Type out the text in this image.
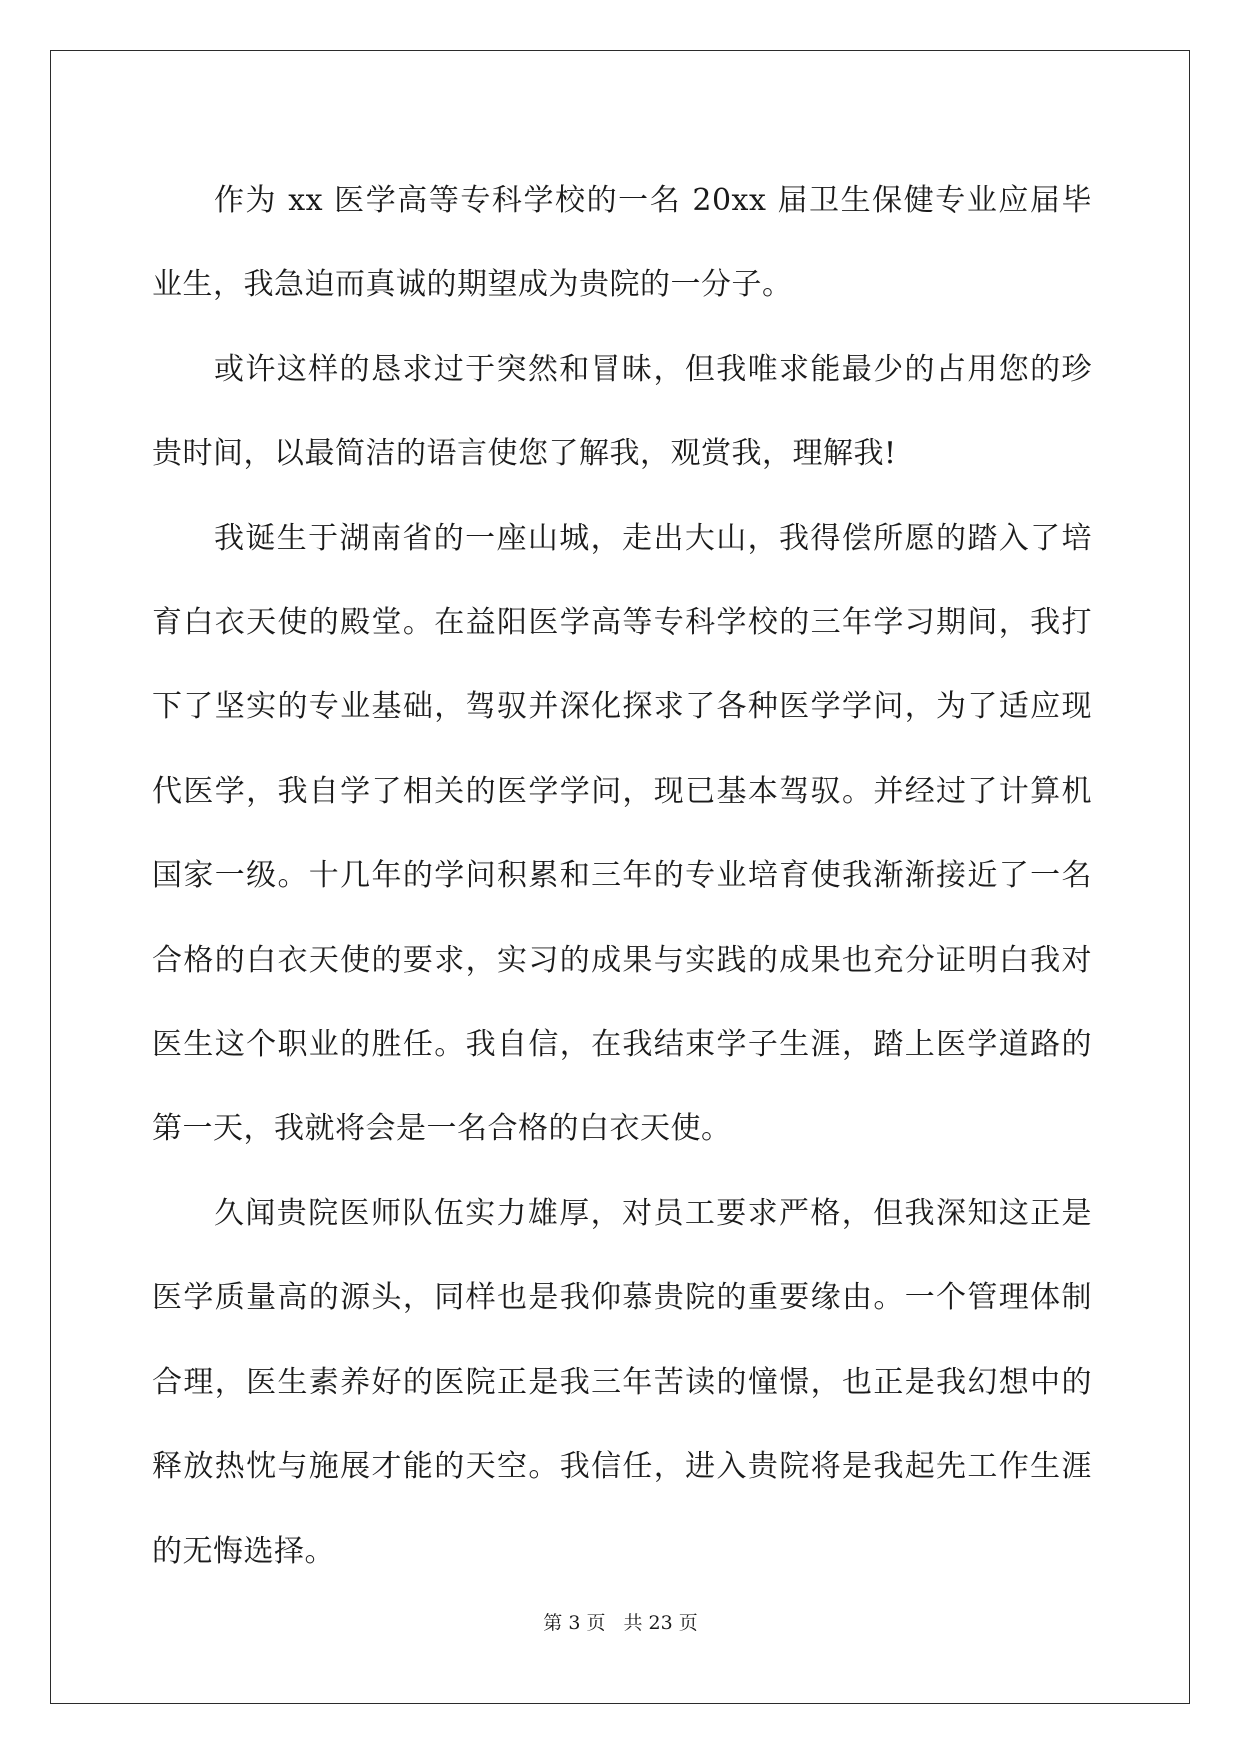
作为 xx 医学高等专科学校的一名 20xx 届卫生保健专业应届毕业生，我急迫而真诚的期望成为贵院的一分子。

或许这样的恳求过于突然和冒昧，但我唯求能最少的占用您的珍贵时间，以最简洁的语言使您了解我，观赏我，理解我!

我诞生于湖南省的一座山城，走出大山，我得偿所愿的踏入了培育白衣天使的殿堂。在益阳医学高等专科学校的三年学习期间，我打下了坚实的专业基础，驾驭并深化探求了各种医学学问，为了适应现代医学，我自学了相关的医学学问，现已基本驾驭。并经过了计算机国家一级。十几年的学问积累和三年的专业培育使我渐渐接近了一名合格的白衣天使的要求，实习的成果与实践的成果也充分证明白我对医生这个职业的胜任。我自信，在我结束学子生涯，踏上医学道路的第一天，我就将会是一名合格的白衣天使。

久闻贵院医师队伍实力雄厚，对员工要求严格，但我深知这正是医学质量高的源头，同样也是我仰慕贵院的重要缘由。一个管理体制合理，医生素养好的医院正是我三年苦读的憧憬，也正是我幻想中的释放热忱与施展才能的天空。我信任，进入贵院将是我起先工作生涯的无悔选择。

第 3 页 共 23 页
